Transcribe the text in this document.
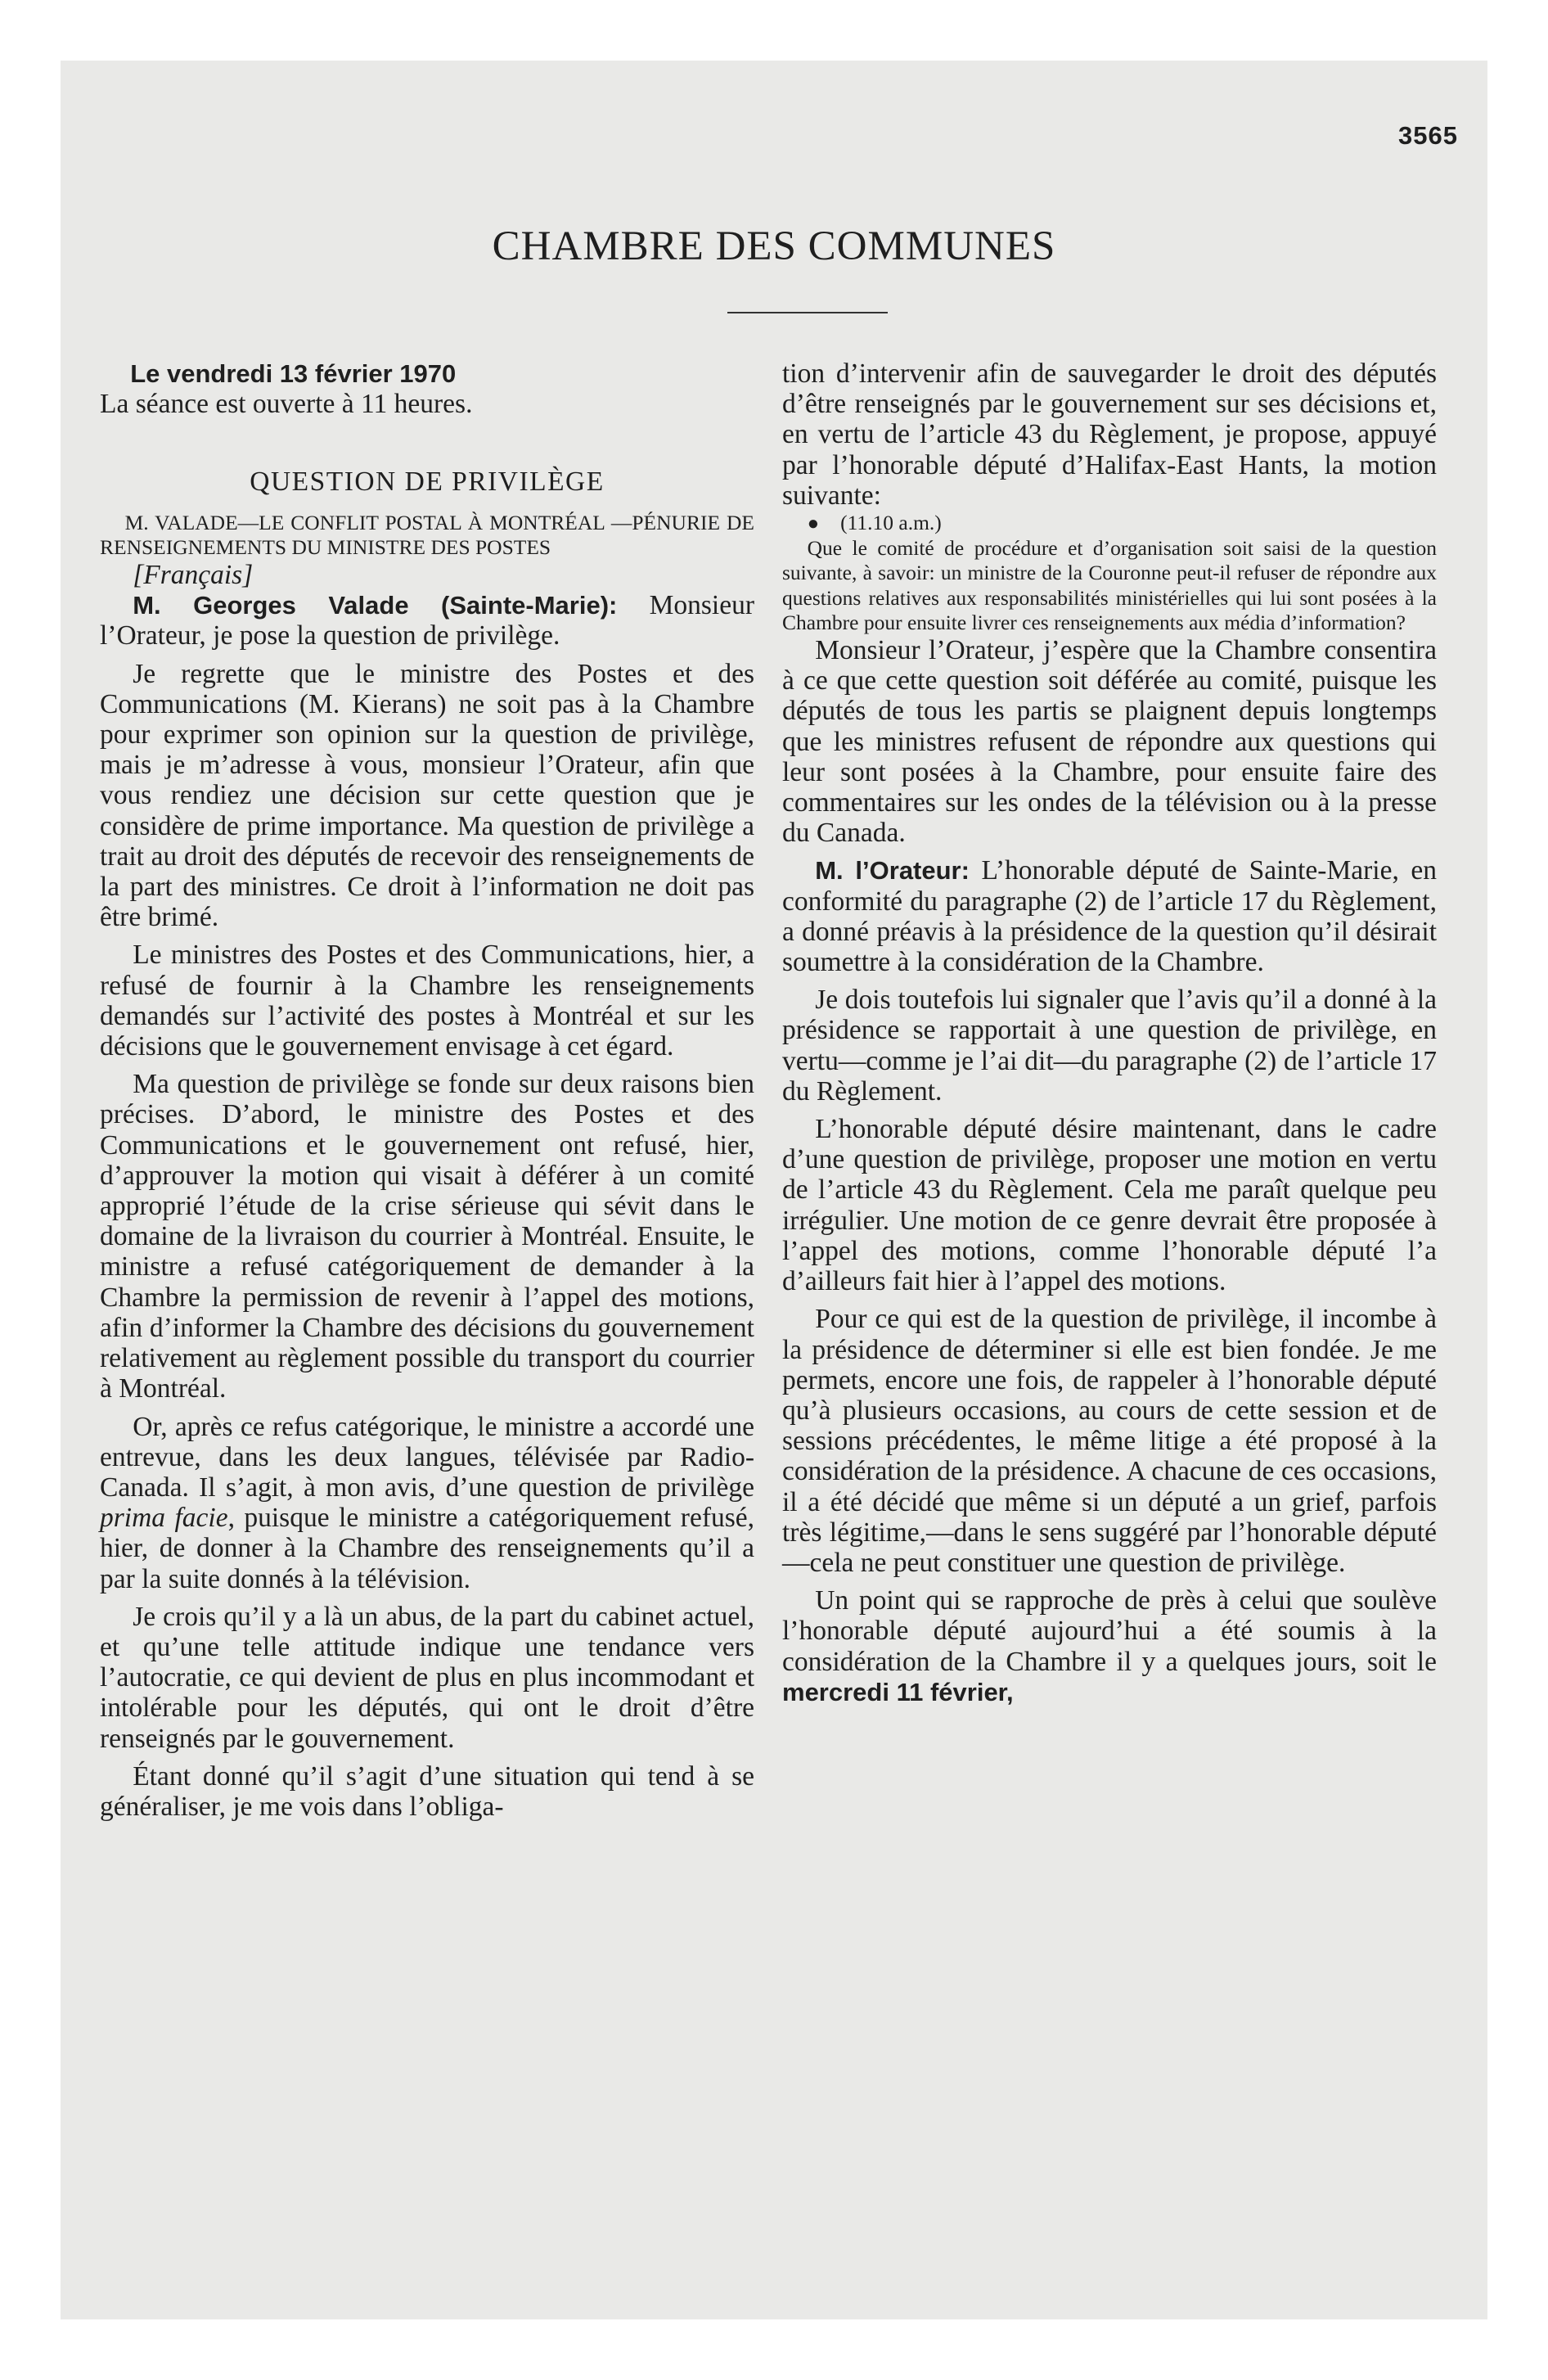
3565

CHAMBRE DES COMMUNES

Le vendredi 13 février 1970

La séance est ouverte à 11 heures.

QUESTION DE PRIVILÈGE

M. VALADE—LE CONFLIT POSTAL À MONTRÉAL —PÉNURIE DE RENSEIGNEMENTS DU MINISTRE DES POSTES

[Français]

M. Georges Valade (Sainte-Marie): Monsieur l’Orateur, je pose la question de privilège.

Je regrette que le ministre des Postes et des Communications (M. Kierans) ne soit pas à la Chambre pour exprimer son opinion sur la question de privilège, mais je m’adresse à vous, monsieur l’Orateur, afin que vous rendiez une décision sur cette question que je considère de prime importance. Ma question de privilège a trait au droit des députés de recevoir des renseignements de la part des ministres. Ce droit à l’information ne doit pas être brimé.

Le ministres des Postes et des Communications, hier, a refusé de fournir à la Chambre les renseignements demandés sur l’activité des postes à Montréal et sur les décisions que le gouvernement envisage à cet égard.

Ma question de privilège se fonde sur deux raisons bien précises. D’abord, le ministre des Postes et des Communications et le gouvernement ont refusé, hier, d’approuver la motion qui visait à déférer à un comité approprié l’étude de la crise sérieuse qui sévit dans le domaine de la livraison du courrier à Montréal. Ensuite, le ministre a refusé catégoriquement de demander à la Chambre la permission de revenir à l’appel des motions, afin d’informer la Chambre des décisions du gouvernement relativement au règlement possible du transport du courrier à Montréal.

Or, après ce refus catégorique, le ministre a accordé une entrevue, dans les deux langues, télévisée par Radio-Canada. Il s’agit, à mon avis, d’une question de privilège prima facie, puisque le ministre a catégoriquement refusé, hier, de donner à la Chambre des renseignements qu’il a par la suite donnés à la télévision.

Je crois qu’il y a là un abus, de la part du cabinet actuel, et qu’une telle attitude indique une tendance vers l’autocratie, ce qui devient de plus en plus incommodant et intolérable pour les députés, qui ont le droit d’être renseignés par le gouvernement.

Étant donné qu’il s’agit d’une situation qui tend à se généraliser, je me vois dans l’obliga-

tion d’intervenir afin de sauvegarder le droit des députés d’être renseignés par le gouvernement sur ses décisions et, en vertu de l’article 43 du Règlement, je propose, appuyé par l’honorable député d’Halifax-East Hants, la motion suivante:

● (11.10 a.m.)

Que le comité de procédure et d’organisation soit saisi de la question suivante, à savoir: un ministre de la Couronne peut-il refuser de répondre aux questions relatives aux responsabilités ministérielles qui lui sont posées à la Chambre pour ensuite livrer ces renseignements aux média d’information?

Monsieur l’Orateur, j’espère que la Chambre consentira à ce que cette question soit déférée au comité, puisque les députés de tous les partis se plaignent depuis longtemps que les ministres refusent de répondre aux questions qui leur sont posées à la Chambre, pour ensuite faire des commentaires sur les ondes de la télévision ou à la presse du Canada.

M. l’Orateur: L’honorable député de Sainte-Marie, en conformité du paragraphe (2) de l’article 17 du Règlement, a donné préavis à la présidence de la question qu’il désirait soumettre à la considération de la Chambre.

Je dois toutefois lui signaler que l’avis qu’il a donné à la présidence se rapportait à une question de privilège, en vertu—comme je l’ai dit—du paragraphe (2) de l’article 17 du Règlement.

L’honorable député désire maintenant, dans le cadre d’une question de privilège, proposer une motion en vertu de l’article 43 du Règlement. Cela me paraît quelque peu irrégulier. Une motion de ce genre devrait être proposée à l’appel des motions, comme l’honorable député l’a d’ailleurs fait hier à l’appel des motions.

Pour ce qui est de la question de privilège, il incombe à la présidence de déterminer si elle est bien fondée. Je me permets, encore une fois, de rappeler à l’honorable député qu’à plusieurs occasions, au cours de cette session et de sessions précédentes, le même litige a été proposé à la considération de la présidence. A chacune de ces occasions, il a été décidé que même si un député a un grief, parfois très légitime,—dans le sens suggéré par l’honorable député—cela ne peut constituer une question de privilège.

Un point qui se rapproche de près à celui que soulève l’honorable député aujourd’hui a été soumis à la considération de la Chambre il y a quelques jours, soit le mercredi 11 février,
